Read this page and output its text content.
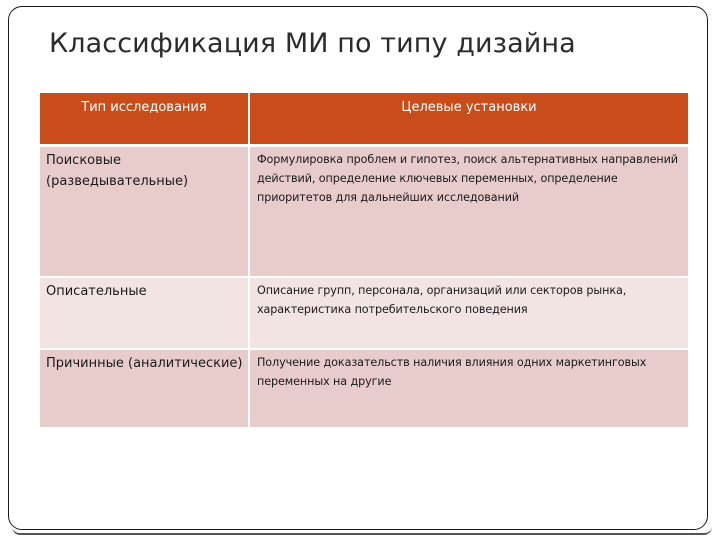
Классификация МИ по типу дизайна
Тип исследования	Целевые установки
Поисковые (разведывательные)	Формулировка проблем и гипотез, поиск альтернативных направлений действий, определение ключевых переменных, определение приоритетов для дальнейших исследований
Описательные	Описание групп, персонала, организаций или секторов рынка, характеристика потребительского поведения
Причинные (аналитические)	Получение доказательств наличия влияния одних маркетинговых переменных на другие
